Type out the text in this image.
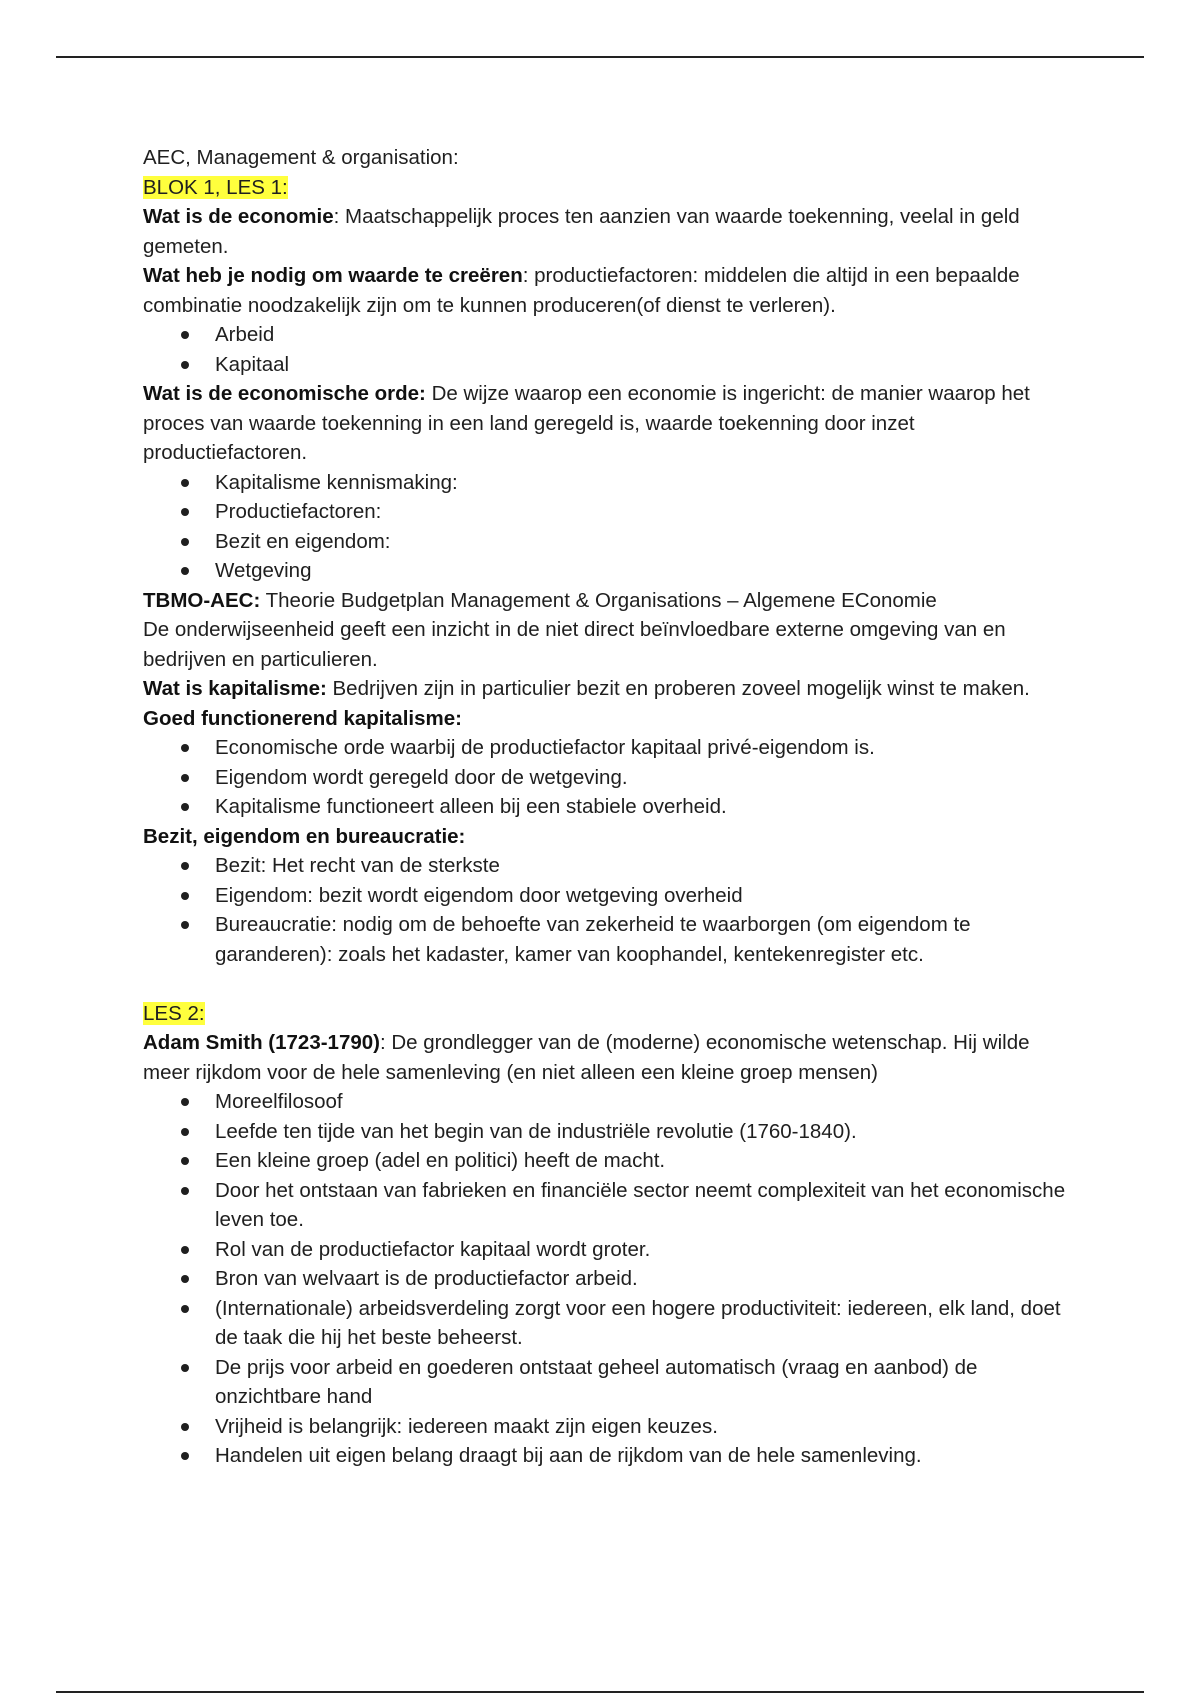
AEC, Management & organisation:

BLOK 1, LES 1:

Wat is de economie: Maatschappelijk proces ten aanzien van waarde toekenning, veelal in geld gemeten.

Wat heb je nodig om waarde te creëren: productiefactoren: middelen die altijd in een bepaalde combinatie noodzakelijk zijn om te kunnen produceren(of dienst te verleren).

Arbeid
Kapitaal

Wat is de economische orde: De wijze waarop een economie is ingericht: de manier waarop het proces van waarde toekenning in een land geregeld is, waarde toekenning door inzet productiefactoren.

Kapitalisme kennismaking:
Productiefactoren:
Bezit en eigendom:
Wetgeving

TBMO-AEC: Theorie Budgetplan Management & Organisations – Algemene EConomie

De onderwijseenheid geeft een inzicht in de niet direct beïnvloedbare externe omgeving van en bedrijven en particulieren.

Wat is kapitalisme: Bedrijven zijn in particulier bezit en proberen zoveel mogelijk winst te maken.

Goed functionerend kapitalisme:

Economische orde waarbij de productiefactor kapitaal privé-eigendom is.
Eigendom wordt geregeld door de wetgeving.
Kapitalisme functioneert alleen bij een stabiele overheid.

Bezit, eigendom en bureaucratie:

Bezit: Het recht van de sterkste
Eigendom: bezit wordt eigendom door wetgeving overheid
Bureaucratie: nodig om de behoefte van zekerheid te waarborgen (om eigendom te garanderen): zoals het kadaster, kamer van koophandel, kentekenregister etc.

LES 2:

Adam Smith (1723-1790): De grondlegger van de (moderne) economische wetenschap. Hij wilde meer rijkdom voor de hele samenleving (en niet alleen een kleine groep mensen)

Moreelfilosoof
Leefde ten tijde van het begin van de industriële revolutie (1760-1840).
Een kleine groep (adel en politici) heeft de macht.
Door het ontstaan van fabrieken en financiële sector neemt complexiteit van het economische leven toe.
Rol van de productiefactor kapitaal wordt groter.
Bron van welvaart is de productiefactor arbeid.
(Internationale) arbeidsverdeling zorgt voor een hogere productiviteit: iedereen, elk land, doet de taak die hij het beste beheerst.
De prijs voor arbeid en goederen ontstaat geheel automatisch (vraag en aanbod) de onzichtbare hand
Vrijheid is belangrijk: iedereen maakt zijn eigen keuzes.
Handelen uit eigen belang draagt bij aan de rijkdom van de hele samenleving.
